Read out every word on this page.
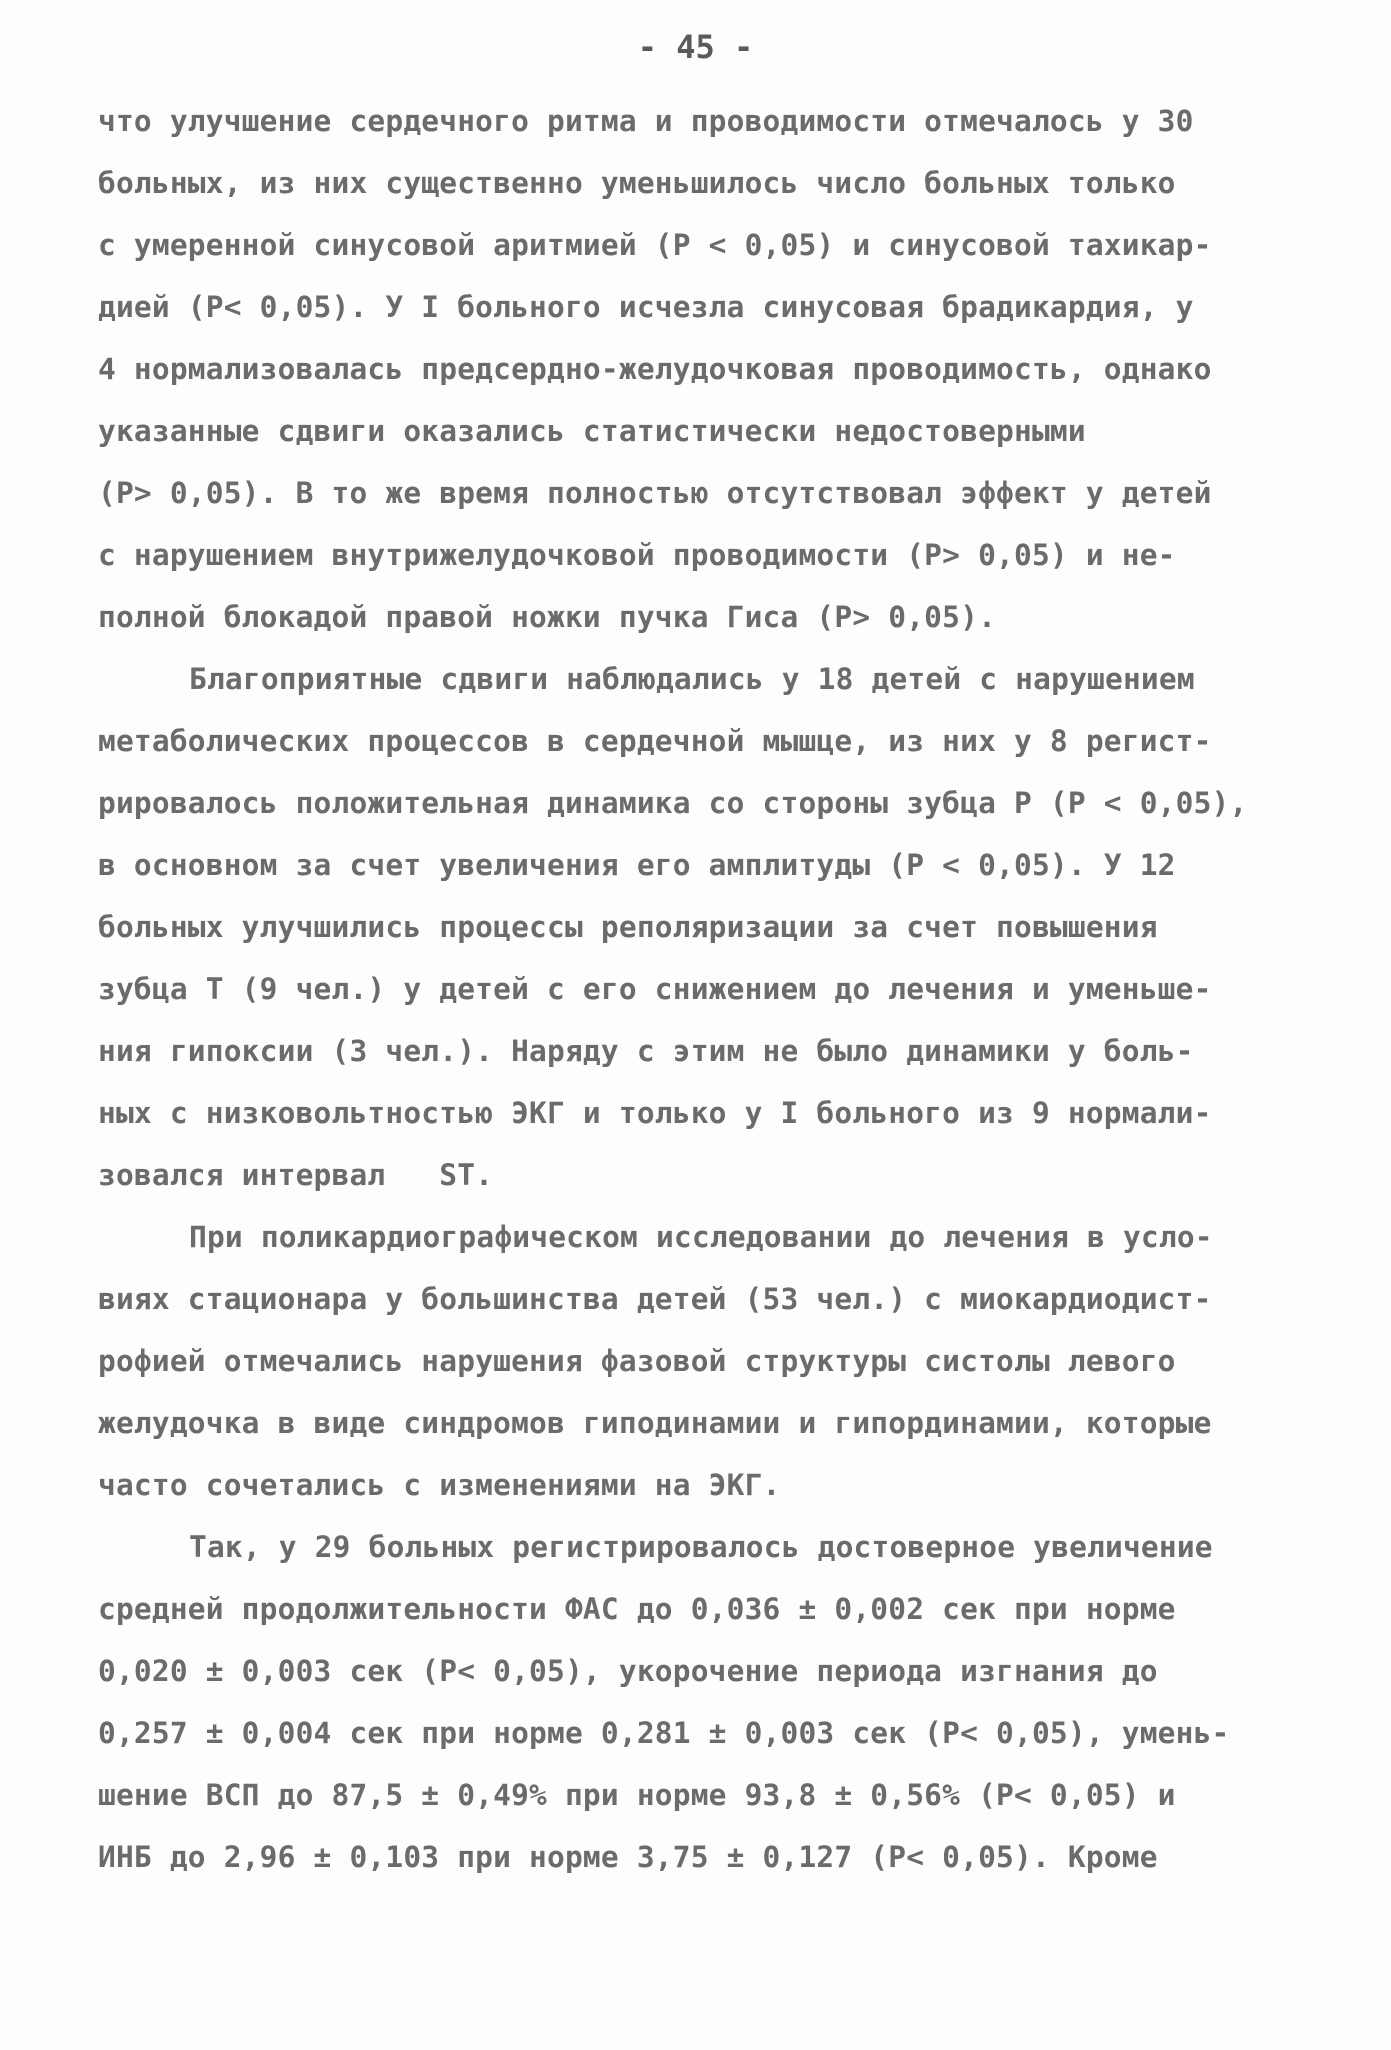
- 45 -
что улучшение сердечного ритма и проводимости отмечалось у 30
больных, из них существенно уменьшилось число больных только
с умеренной синусовой аритмией (Р < 0,05) и синусовой тахикар-
дией (Р< 0,05). У I больного исчезла синусовая брадикардия, у
4 нормализовалась предсердно-желудочковая проводимость, однако
указанные сдвиги оказались статистически недостоверными
(Р> 0,05). В то же время полностью отсутствовал эффект у детей
с нарушением внутрижелудочковой проводимости (Р> 0,05) и не-
полной блокадой правой ножки пучка Гиса (Р> 0,05).
Благоприятные сдвиги наблюдались у 18 детей с нарушением
метаболических процессов в сердечной мышце, из них у 8 регист-
рировалось положительная динамика со стороны зубца Р (Р < 0,05),
в основном за счет увеличения его амплитуды (Р < 0,05). У 12
больных улучшились процессы реполяризации за счет повышения
зубца Т (9 чел.) у детей с его снижением до лечения и уменьше-
ния гипоксии (3 чел.). Наряду с этим не было динамики у боль-
ных с низковольтностью ЭКГ и только у I больного из 9 нормали-
зовался интервал   ST.
При поликардиографическом исследовании до лечения в усло-
виях стационара у большинства детей (53 чел.) с миокардиодист-
рофией отмечались нарушения фазовой структуры систолы левого
желудочка в виде синдромов гиподинамии и гипординамии, которые
часто сочетались с изменениями на ЭКГ.
Так, у 29 больных регистрировалось достоверное увеличение
средней продолжительности ФАС до 0,036 ± 0,002 сек при норме
0,020 ± 0,003 сек (Р< 0,05), укорочение периода изгнания до
0,257 ± 0,004 сек при норме 0,281 ± 0,003 сек (Р< 0,05), умень-
шение ВСП до 87,5 ± 0,49% при норме 93,8 ± 0,56% (Р< 0,05) и
ИНБ до 2,96 ± 0,103 при норме 3,75 ± 0,127 (Р< 0,05). Кроме
